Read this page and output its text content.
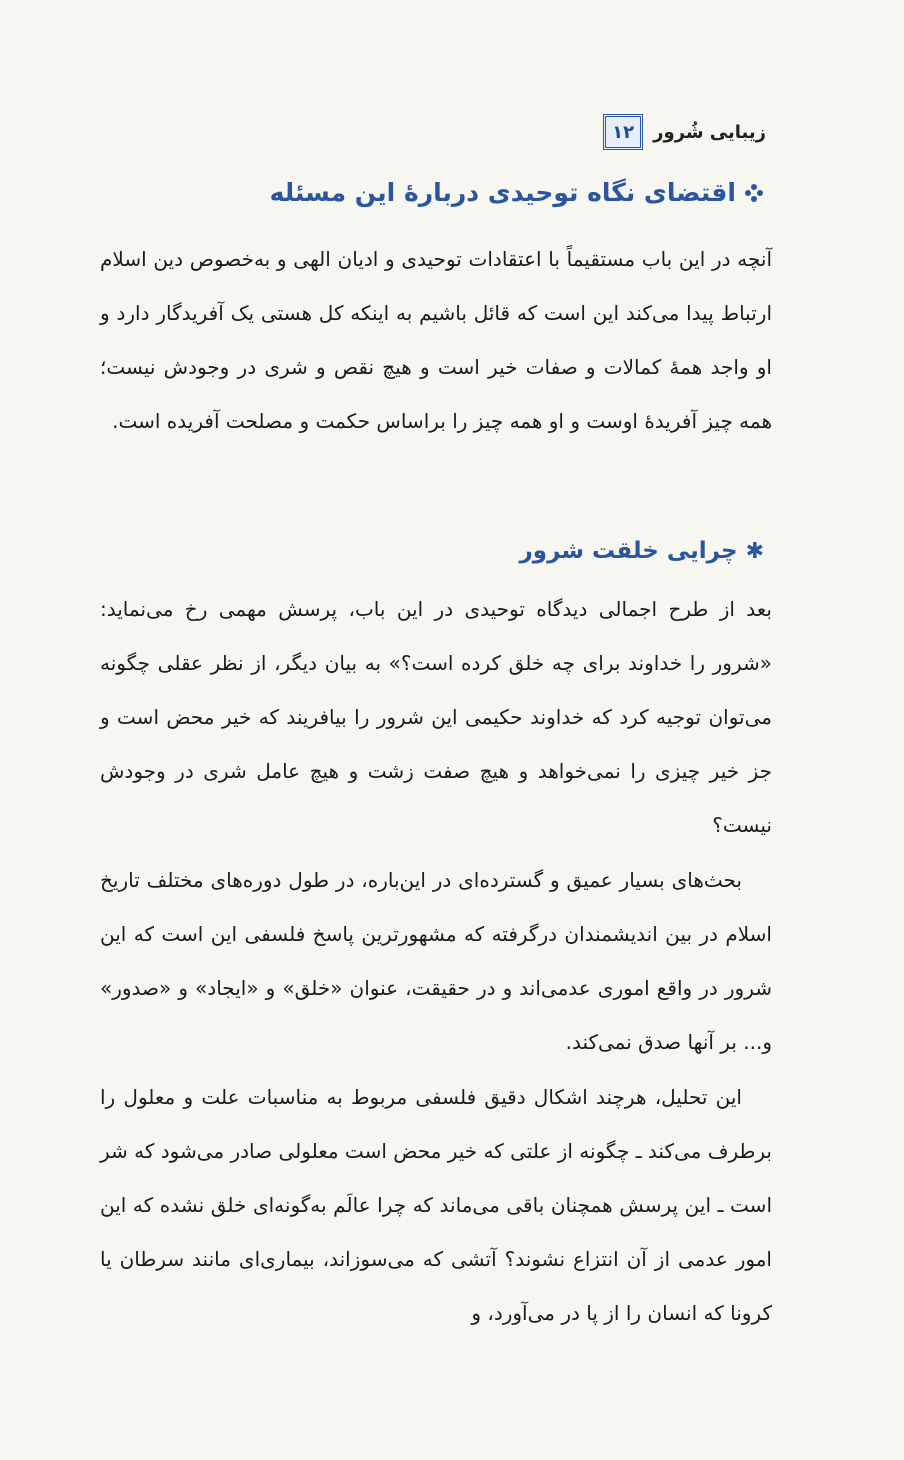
۱۲	زیبایی شُرور
اقتضای نگاه توحیدی دربارۀ این مسئله

آنچه در این باب مستقیماً با اعتقادات توحیدی و ادیان الهی و به‌خصوص دین اسلام ارتباط پیدا می‌کند این است که قائل باشیم به اینکه کل هستی یک آفریدگار دارد و او واجد همۀ کمالات و صفات خیر است و هیچ نقص و شری در وجودش نیست؛ همه چیز آفریدۀ اوست و او همه چیز را براساس حکمت و مصلحت آفریده است.

✱
چرایی خلقت شرور

بعد از طرح اجمالی دیدگاه توحیدی در این باب، پرسش مهمی رخ می‌نماید: «شرور را خداوند برای چه خلق کرده است؟» به بیان دیگر، از نظر عقلی چگونه می‌توان توجیه کرد که خداوند حکیمی این شرور را بیافریند که خیر محض است و جز خیر چیزی را نمی‌خواهد و هیچ صفت زشت و هیچ عامل شری در وجودش نیست؟

بحث‌های بسیار عمیق و گسترده‌ای در این‌باره، در طول دوره‌های مختلف تاریخ اسلام در بین اندیشمندان درگرفته که مشهورترین پاسخ فلسفی این است که این شرور در واقع اموری عدمی‌اند و در حقیقت، عنوان «خلق» و «ایجاد» و «صدور» و... بر آنها صدق نمی‌کند.

این تحلیل، هرچند اشکال دقیق فلسفی مربوط به مناسبات علت و معلول را برطرف می‌کند ـ چگونه از علتی که خیر محض است معلولی صادر می‌شود که شر است ـ این پرسش همچنان باقی می‌ماند که چرا عالَم به‌گونه‌ای خلق نشده که این امور عدمی از آن انتزاع نشوند؟ آتشی که می‌سوزاند، بیماری‌ای مانند سرطان یا کرونا که انسان را از پا در می‌آورد، و
